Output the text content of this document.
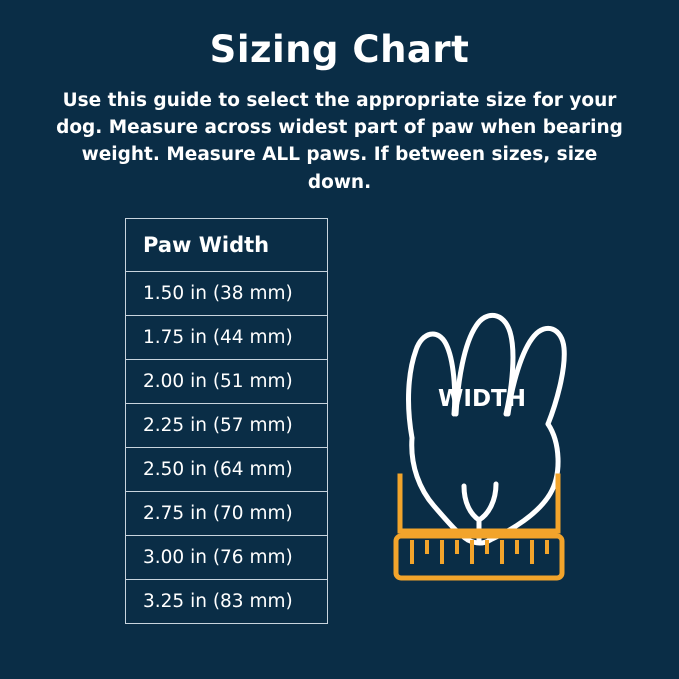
Sizing Chart
Use this guide to select the appropriate size for your dog. Measure across widest part of paw when bearing weight. Measure ALL paws. If between sizes, size down.
Paw Width
1.50 in (38 mm)
1.75 in (44 mm)
2.00 in (51 mm)
2.25 in (57 mm)
2.50 in (64 mm)
2.75 in (70 mm)
3.00 in (76 mm)
3.25 in (83 mm)
WIDTH
